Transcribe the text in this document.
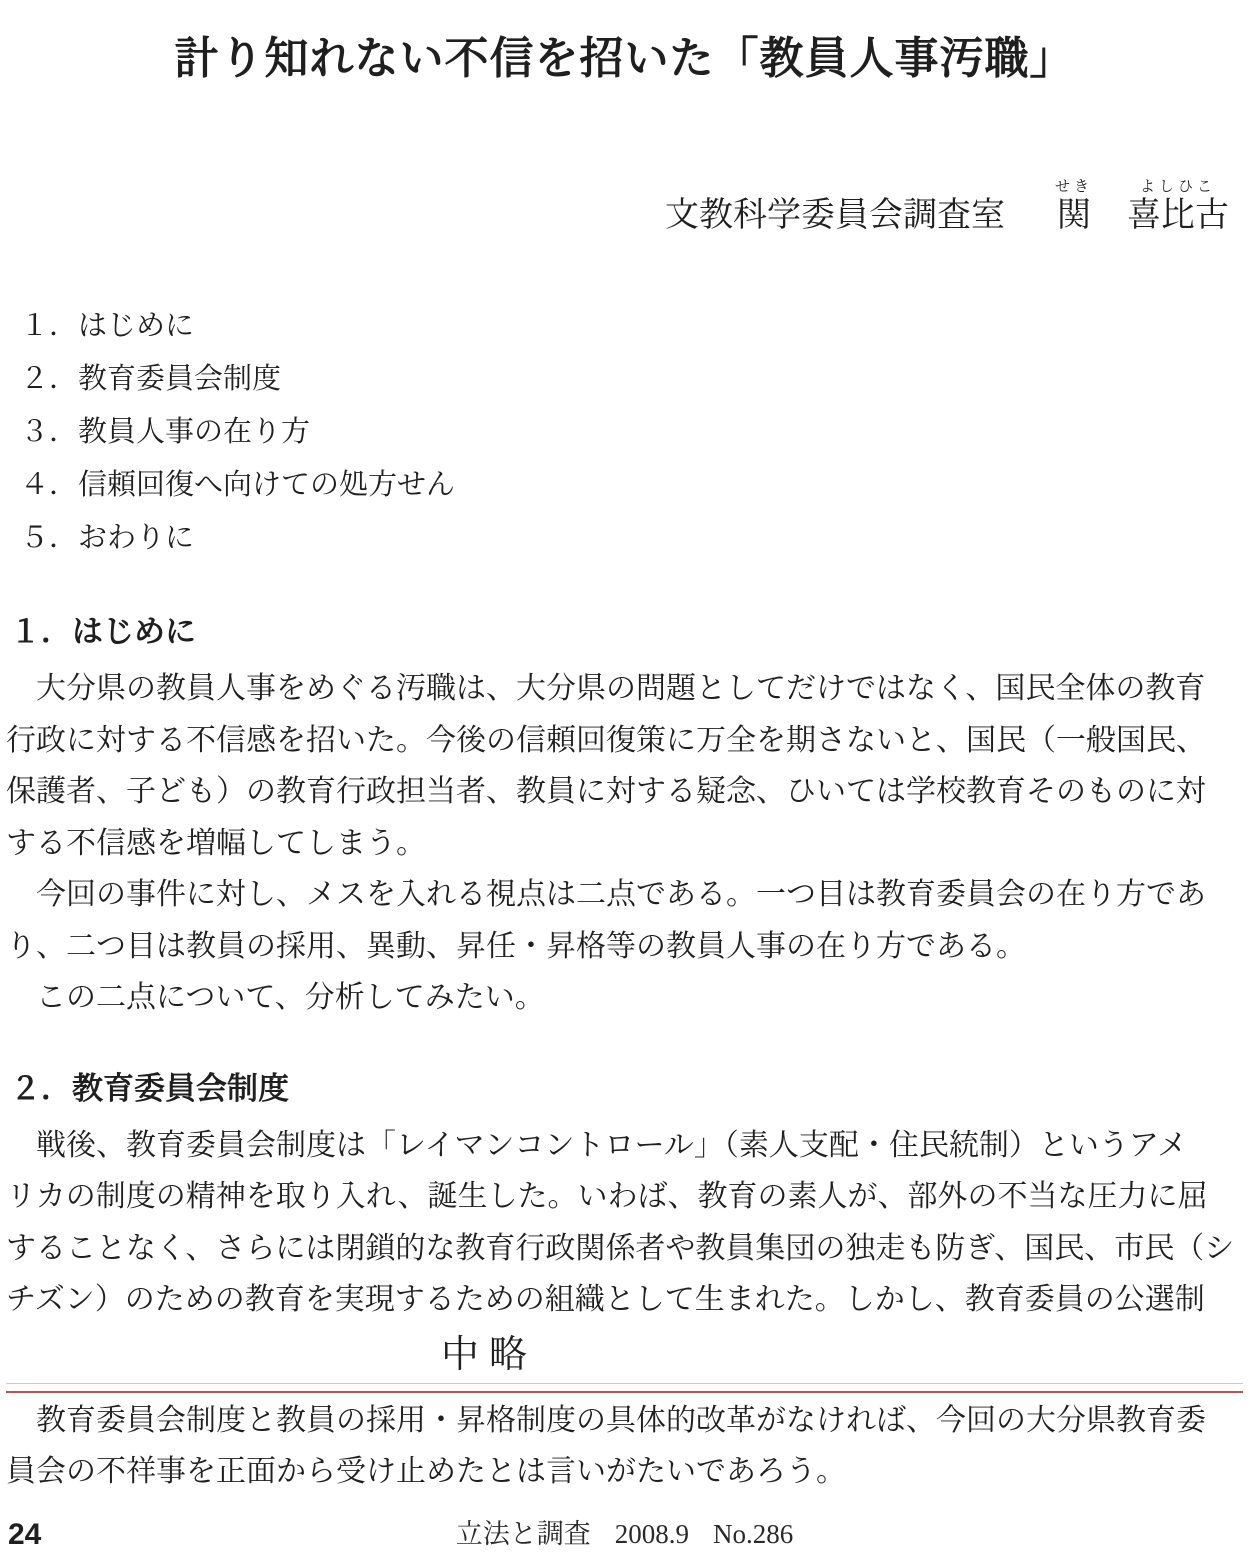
計り知れない不信を招いた「教員人事汚職」
文教科学委員会調査室 関せき
喜比古よしひこ
１．はじめに
２．教育委員会制度
３．教員人事の在り方
４．信頼回復へ向けての処方せん
５．おわりに
１．はじめに
　大分県の教員人事をめぐる汚職は、大分県の問題としてだけではなく、国民全体の教育
行政に対する不信感を招いた。今後の信頼回復策に万全を期さないと、国民（一般国民、
保護者、子ども）の教育行政担当者、教員に対する疑念、ひいては学校教育そのものに対
する不信感を増幅してしまう。
　今回の事件に対し、メスを入れる視点は二点である。一つ目は教育委員会の在り方であ
り、二つ目は教員の採用、異動、昇任・昇格等の教員人事の在り方である。
　この二点について、分析してみたい。
２．教育委員会制度
　戦後、教育委員会制度は「レイマンコントロール」（素人支配・住民統制）というアメ
リカの制度の精神を取り入れ、誕生した。いわば、教育の素人が、部外の不当な圧力に屈
することなく、さらには閉鎖的な教育行政関係者や教員集団の独走も防ぎ、国民、市民（シ
チズン）のための教育を実現するための組織として生まれた。しかし、教育委員の公選制
中略
　教育委員会制度と教員の採用・昇格制度の具体的改革がなければ、今回の大分県教育委
員会の不祥事を正面から受け止めたとは言いがたいであろう。
24	立法と調査 2008.9 No.286
